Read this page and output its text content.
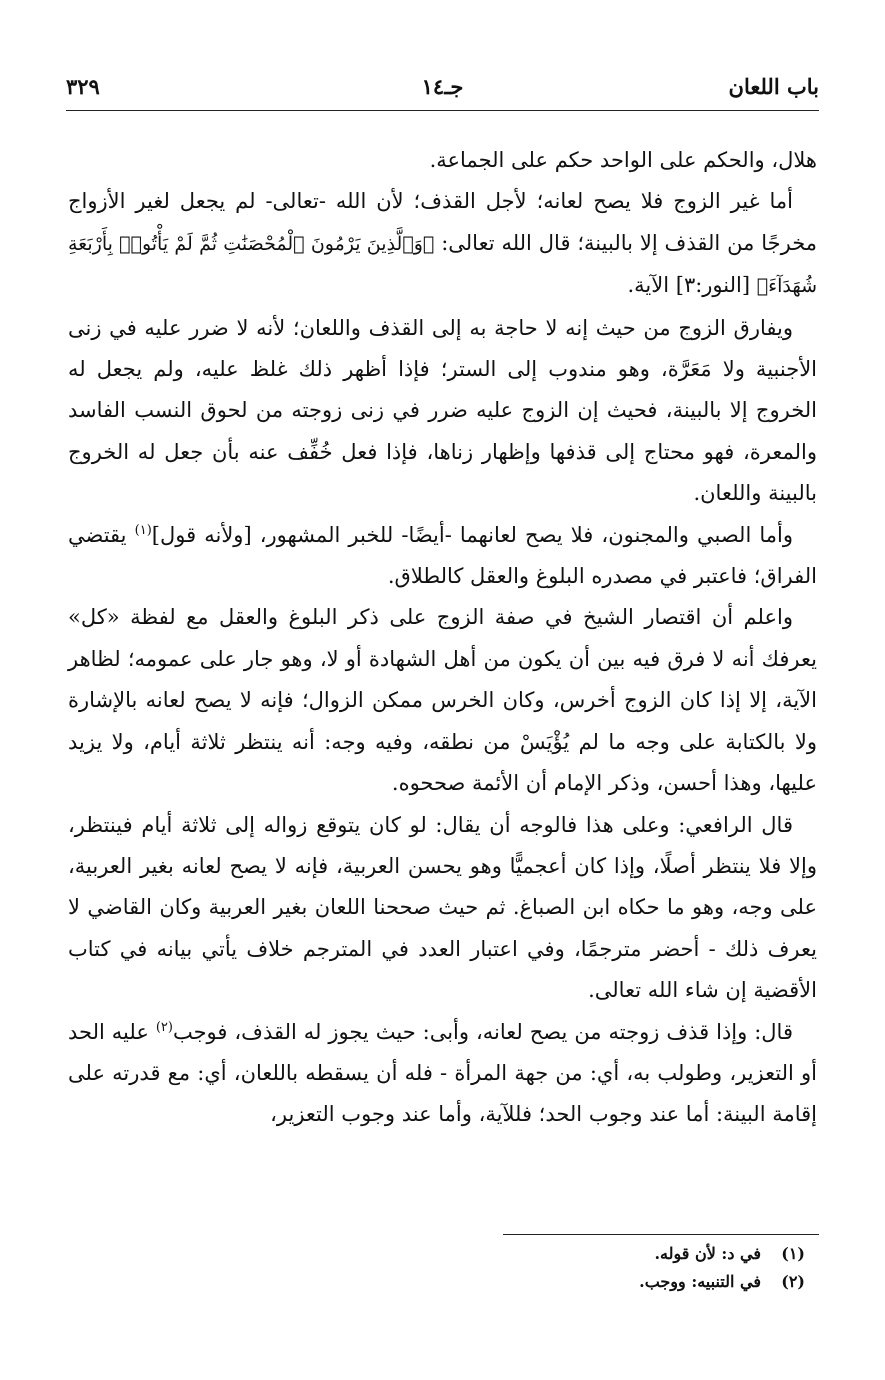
باب اللعان
جـ١٤
٣٢٩

هلال، والحكم على الواحد حكم على الجماعة.

أما غير الزوج فلا يصح لعانه؛ لأجل القذف؛ لأن الله -تعالى- لم يجعل لغير الأزواج مخرجًا من القذف إلا بالبينة؛ قال الله تعالى: ﴿وَٱلَّذِينَ يَرْمُونَ ٱلْمُحْصَنَٰتِ ثُمَّ لَمْ يَأْتُوا۟ بِأَرْبَعَةِ شُهَدَآءَ﴾ [النور:٣] الآية.

ويفارق الزوج من حيث إنه لا حاجة به إلى القذف واللعان؛ لأنه لا ضرر عليه في زنى الأجنبية ولا مَعَرَّة، وهو مندوب إلى الستر؛ فإذا أظهر ذلك غلظ عليه، ولم يجعل له الخروج إلا بالبينة، فحيث إن الزوج عليه ضرر في زنى زوجته من لحوق النسب الفاسد والمعرة، فهو محتاج إلى قذفها وإظهار زناها، فإذا فعل خُفِّف عنه بأن جعل له الخروج بالبينة واللعان.

وأما الصبي والمجنون، فلا يصح لعانهما -أيضًا- للخبر المشهور، [ولأنه قول]$^{(١)}$ يقتضي الفراق؛ فاعتبر في مصدره البلوغ والعقل كالطلاق.

واعلم أن اقتصار الشيخ في صفة الزوج على ذكر البلوغ والعقل مع لفظة «كل» يعرفك أنه لا فرق فيه بين أن يكون من أهل الشهادة أو لا، وهو جار على عمومه؛ لظاهر الآية، إلا إذا كان الزوج أخرس، وكان الخرس ممكن الزوال؛ فإنه لا يصح لعانه بالإشارة ولا بالكتابة على وجه ما لم يُؤْيَسْ من نطقه، وفيه وجه: أنه ينتظر ثلاثة أيام، ولا يزيد عليها، وهذا أحسن، وذكر الإمام أن الأئمة صححوه.

قال الرافعي: وعلى هذا فالوجه أن يقال: لو كان يتوقع زواله إلى ثلاثة أيام فينتظر، وإلا فلا ينتظر أصلًا، وإذا كان أعجميًّا وهو يحسن العربية، فإنه لا يصح لعانه بغير العربية، على وجه، وهو ما حكاه ابن الصباغ. ثم حيث صححنا اللعان بغير العربية وكان القاضي لا يعرف ذلك - أحضر مترجمًا، وفي اعتبار العدد في المترجم خلاف يأتي بيانه في كتاب الأقضية إن شاء الله تعالى.

قال: وإذا قذف زوجته من يصح لعانه، وأبى: حيث يجوز له القذف، فوجب$^{(٢)}$ عليه الحد أو التعزير، وطولب به، أي: من جهة المرأة - فله أن يسقطه باللعان، أي: مع قدرته على إقامة البينة: أما عند وجوب الحد؛ فللآية، وأما عند وجوب التعزير،

(١)في د: لأن قوله.
(٢)في التنبيه: ووجب.
